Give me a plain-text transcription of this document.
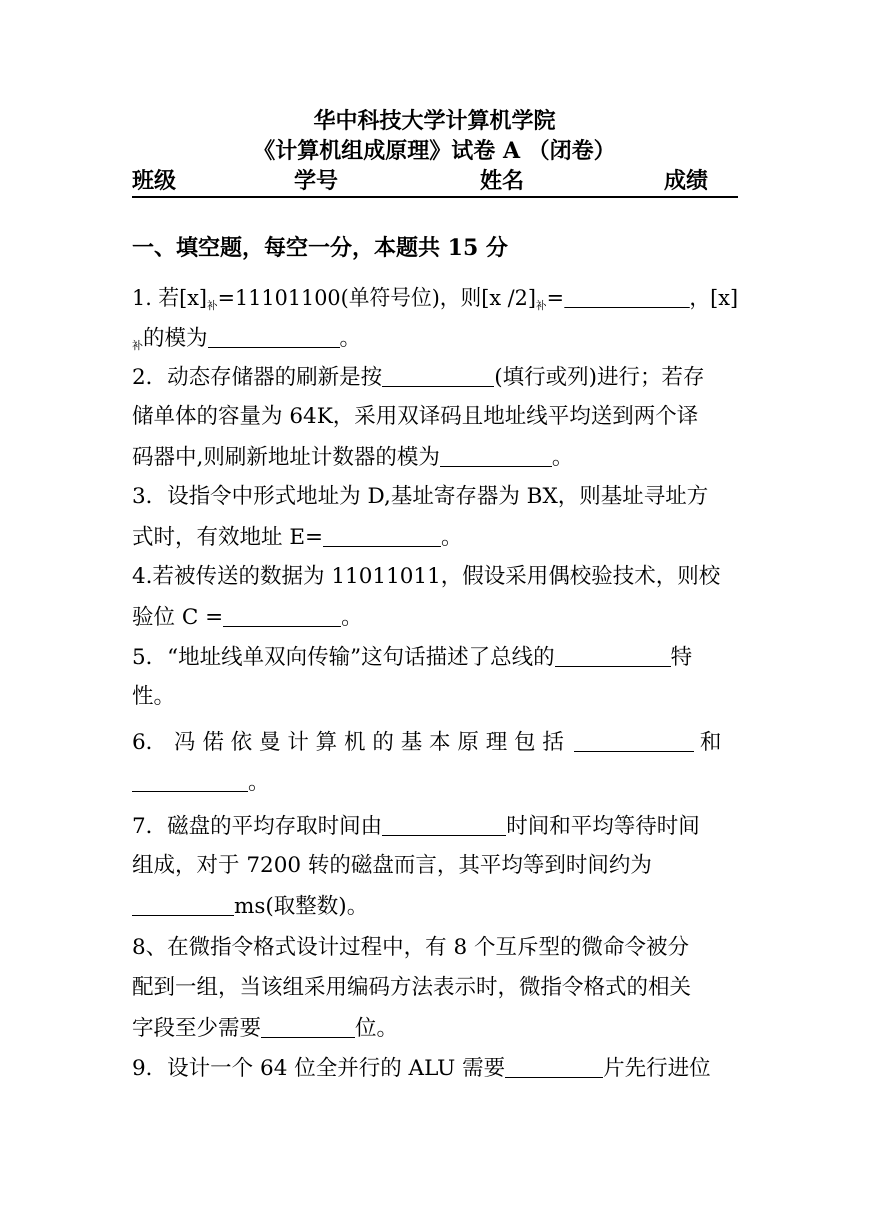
华中科技大学计算机学院
《计算机组成原理》试卷 A （闭卷）
班级	学号	姓名	成绩
一、填空题，每空一分，本题共 15 分
1. 若$[x]_补=11101100$(单符号位)，则[x $/2]_补=$	，[x]
$_补$的模为	。
2．动态存储器的刷新是按	(填行或列)进行；若存
储单体的容量为 64K，采用双译码且地址线平均送到两个译
码器中,则刷新地址计数器的模为	。
3．设指令中形式地址为 D,基址寄存器为 BX，则基址寻址方
式时，有效地址 E=	。
4.若被传送的数据为 11011011，假设采用偶校验技术，则校
验位 C =	。
5．“地址线单双向传输”这句话描述了总线的	特
性。
6． 冯 偌 依 曼 计 算 机 的 基 本 原 理 包 括	和
。
7．磁盘的平均存取时间由	时间和平均等待时间
组成，对于 7200 转的磁盘而言，其平均等到时间约为
ms(取整数)。
8、在微指令格式设计过程中，有 8 个互斥型的微命令被分
配到一组，当该组采用编码方法表示时，微指令格式的相关
字段至少需要	位。
9．设计一个 64 位全并行的 ALU 需要	片先行进位
